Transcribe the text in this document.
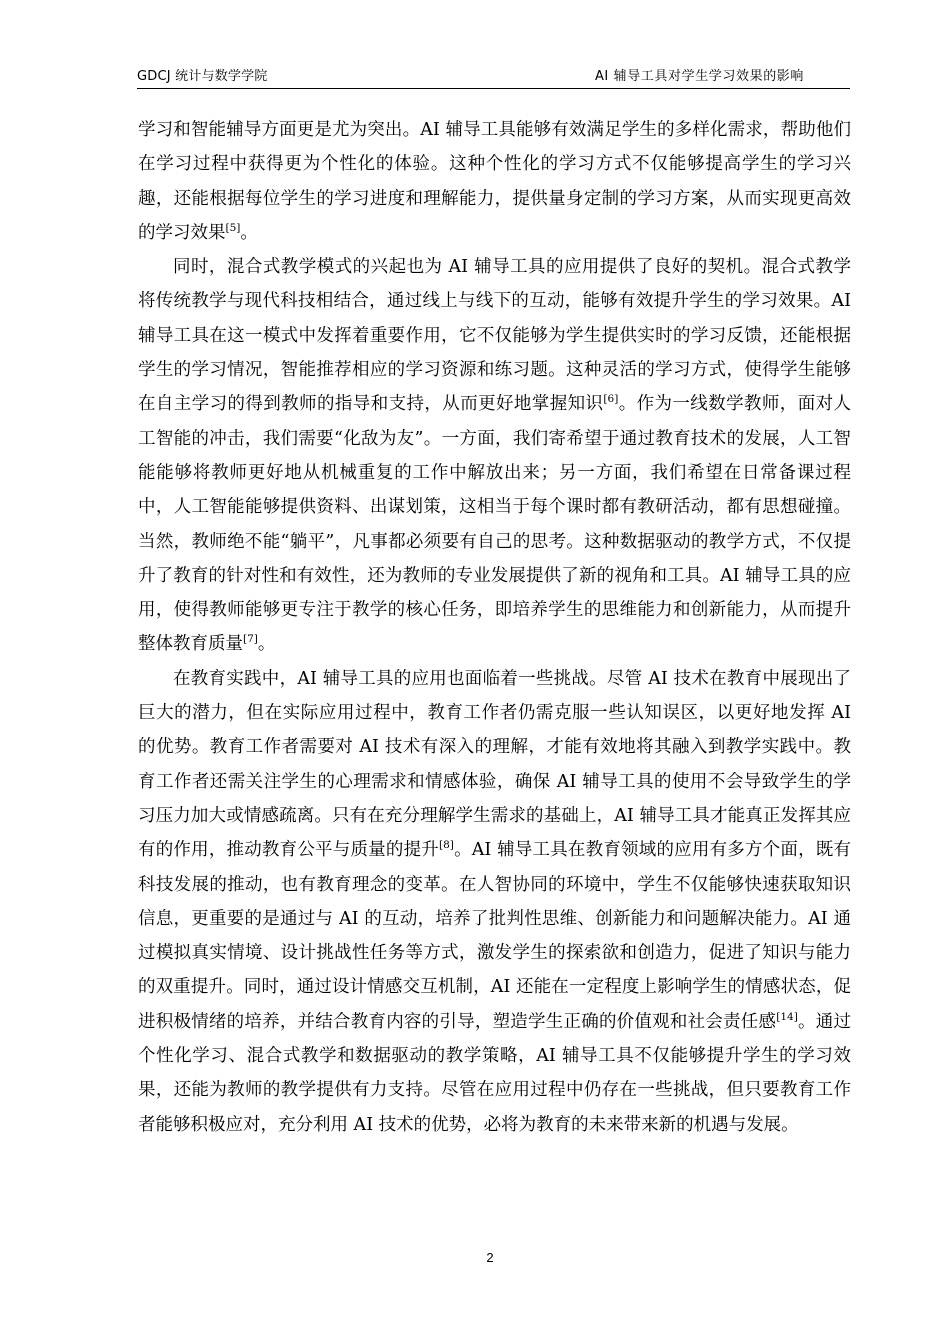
GDCJ 统计与数学学院	AI 辅导工具对学生学习效果的影响

学习和智能辅导方面更是尤为突出。AI 辅导工具能够有效满足学生的多样化需求，帮助他们在学习过程中获得更为个性化的体验。这种个性化的学习方式不仅能够提高学生的学习兴趣，还能根据每位学生的学习进度和理解能力，提供量身定制的学习方案，从而实现更高效的学习效果[5]。

同时，混合式教学模式的兴起也为 AI 辅导工具的应用提供了良好的契机。混合式教学将传统教学与现代科技相结合，通过线上与线下的互动，能够有效提升学生的学习效果。AI 辅导工具在这一模式中发挥着重要作用，它不仅能够为学生提供实时的学习反馈，还能根据学生的学习情况，智能推荐相应的学习资源和练习题。这种灵活的学习方式，使得学生能够在自主学习的得到教师的指导和支持，从而更好地掌握知识[6]。作为一线数学教师，面对人工智能的冲击，我们需要“化敌为友”。一方面，我们寄希望于通过教育技术的发展，人工智能能够将教师更好地从机械重复的工作中解放出来；另一方面，我们希望在日常备课过程中，人工智能能够提供资料、出谋划策，这相当于每个课时都有教研活动，都有思想碰撞。当然，教师绝不能“躺平”，凡事都必须要有自己的思考。这种数据驱动的教学方式，不仅提升了教育的针对性和有效性，还为教师的专业发展提供了新的视角和工具。AI 辅导工具的应用，使得教师能够更专注于教学的核心任务，即培养学生的思维能力和创新能力，从而提升整体教育质量[7]。

在教育实践中，AI 辅导工具的应用也面临着一些挑战。尽管 AI 技术在教育中展现出了巨大的潜力，但在实际应用过程中，教育工作者仍需克服一些认知误区，以更好地发挥 AI 的优势。教育工作者需要对 AI 技术有深入的理解，才能有效地将其融入到教学实践中。教育工作者还需关注学生的心理需求和情感体验，确保 AI 辅导工具的使用不会导致学生的学习压力加大或情感疏离。只有在充分理解学生需求的基础上，AI 辅导工具才能真正发挥其应有的作用，推动教育公平与质量的提升[8]。AI 辅导工具在教育领域的应用有多方个面，既有科技发展的推动，也有教育理念的变革。在人智协同的环境中，学生不仅能够快速获取知识信息，更重要的是通过与 AI 的互动，培养了批判性思维、创新能力和问题解决能力。AI 通过模拟真实情境、设计挑战性任务等方式，激发学生的探索欲和创造力，促进了知识与能力的双重提升。同时，通过设计情感交互机制，AI 还能在一定程度上影响学生的情感状态，促进积极情绪的培养，并结合教育内容的引导，塑造学生正确的价值观和社会责任感[14]。通过个性化学习、混合式教学和数据驱动的教学策略，AI 辅导工具不仅能够提升学生的学习效果，还能为教师的教学提供有力支持。尽管在应用过程中仍存在一些挑战，但只要教育工作者能够积极应对，充分利用 AI 技术的优势，必将为教育的未来带来新的机遇与发展。

2
